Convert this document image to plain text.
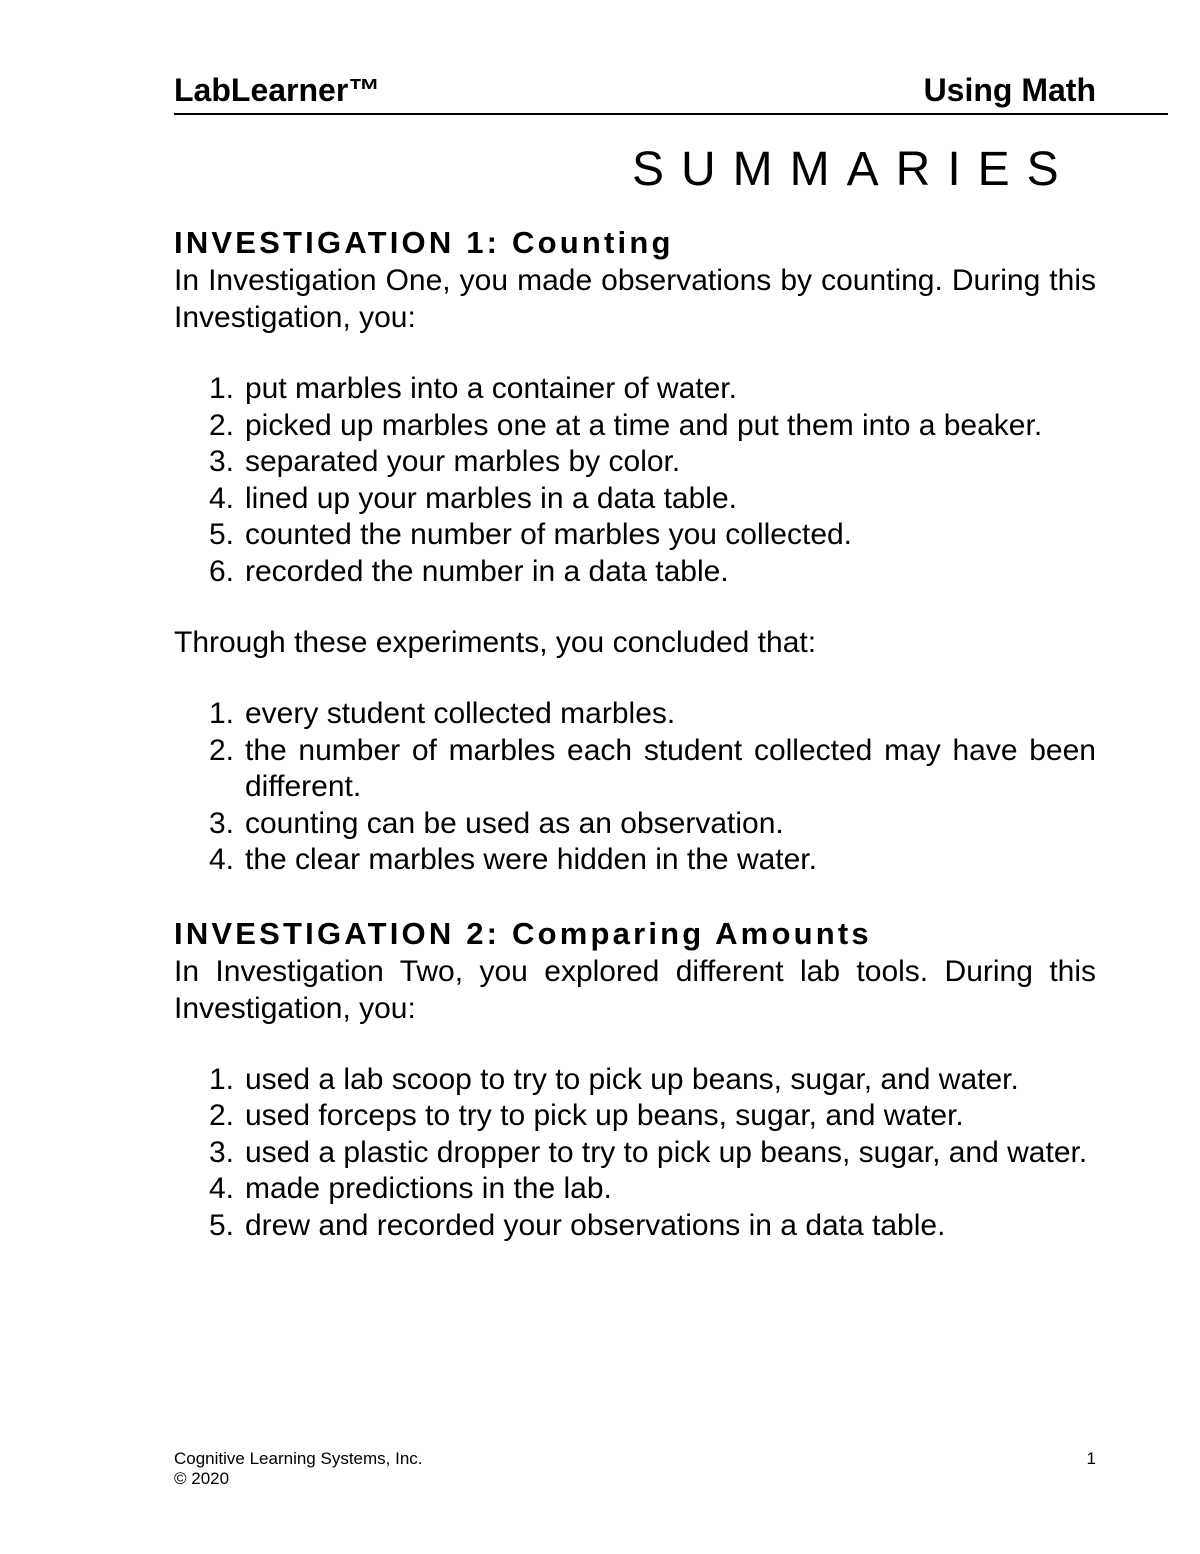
LabLearner™	Using Math
SUMMARIES
INVESTIGATION 1: Counting

In Investigation One, you made observations by counting. During this Investigation, you:

1. put marbles into a container of water.
2. picked up marbles one at a time and put them into a beaker.
3. separated your marbles by color.
4. lined up your marbles in a data table.
5. counted the number of marbles you collected.
6. recorded the number in a data table.

Through these experiments, you concluded that:

1. every student collected marbles.
2. the number of marbles each student collected may have been different.
3. counting can be used as an observation.
4. the clear marbles were hidden in the water.
INVESTIGATION 2: Comparing Amounts

In Investigation Two, you explored different lab tools. During this Investigation, you:

1. used a lab scoop to try to pick up beans, sugar, and water.
2. used forceps to try to pick up beans, sugar, and water.
3. used a plastic dropper to try to pick up beans, sugar, and water.
4. made predictions in the lab.
5. drew and recorded your observations in a data table.
Cognitive Learning Systems, Inc.
© 2020
1
